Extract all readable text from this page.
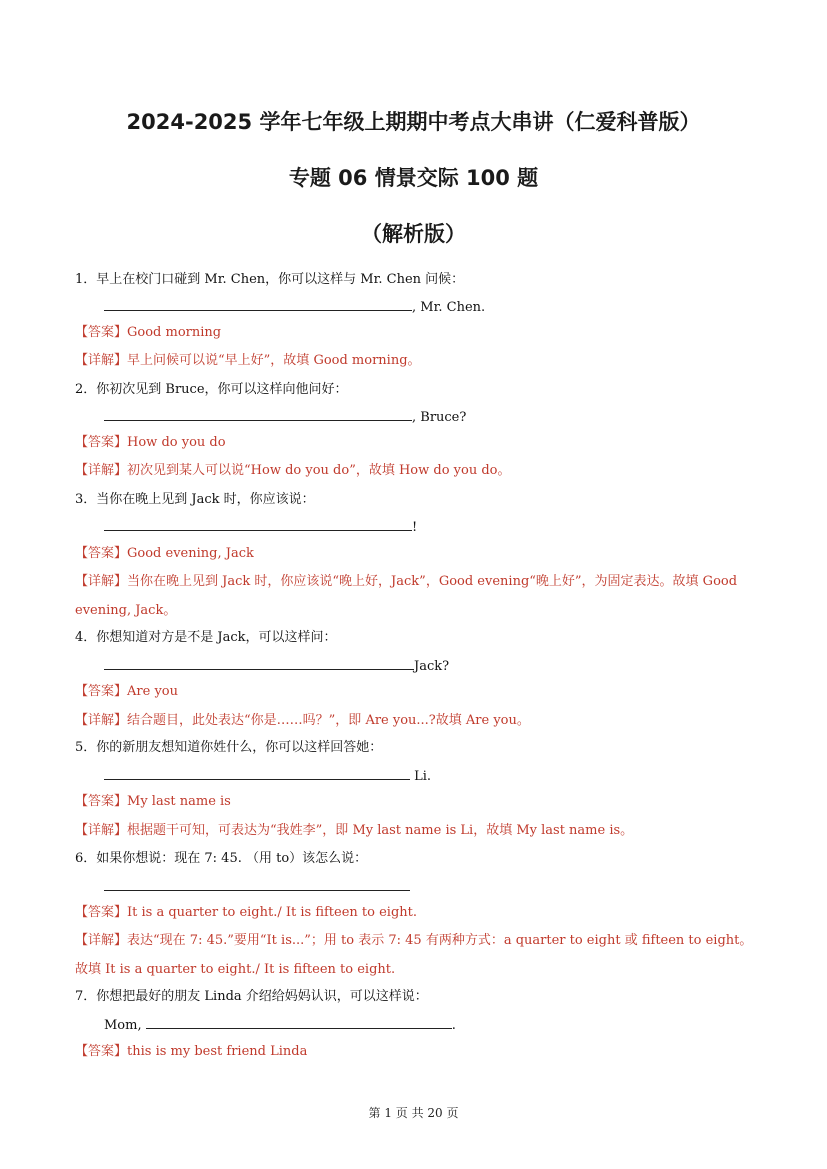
2024-2025 学年七年级上期期中考点大串讲（仁爱科普版）
专题 06 情景交际 100 题
（解析版）
1．早上在校门口碰到 Mr. Chen，你可以这样与 Mr. Chen 问候：
, Mr. Chen.
【答案】Good morning
【详解】早上问候可以说“早上好”，故填 Good morning。
2．你初次见到 Bruce，你可以这样向他问好：
, Bruce?
【答案】How do you do
【详解】初次见到某人可以说“How do you do”，故填 How do you do。
3．当你在晚上见到 Jack 时，你应该说：
!
【答案】Good evening, Jack
【详解】当你在晚上见到 Jack 时，你应该说“晚上好，Jack”，Good evening“晚上好”，为固定表达。故填 Good
evening, Jack。
4．你想知道对方是不是 Jack，可以这样问：
Jack?
【答案】Are you
【详解】结合题目，此处表达“你是……吗？”，即 Are you...?故填 Are you。
5．你的新朋友想知道你姓什么，你可以这样回答她：
Li.
【答案】My last name is
【详解】根据题干可知，可表达为“我姓李”，即 My last name is Li，故填 My last name is。
6．如果你想说：现在 7: 45. （用 to）该怎么说：
【答案】It is a quarter to eight./ It is fifteen to eight.
【详解】表达“现在 7: 45.”要用“It is...”；用 to 表示 7: 45 有两种方式：a quarter to eight 或 fifteen to eight。
故填 It is a quarter to eight./ It is fifteen to eight.
7．你想把最好的朋友 Linda 介绍给妈妈认识，可以这样说：
Mom,	.
【答案】this is my best friend Linda
第 1 页 共 20 页
